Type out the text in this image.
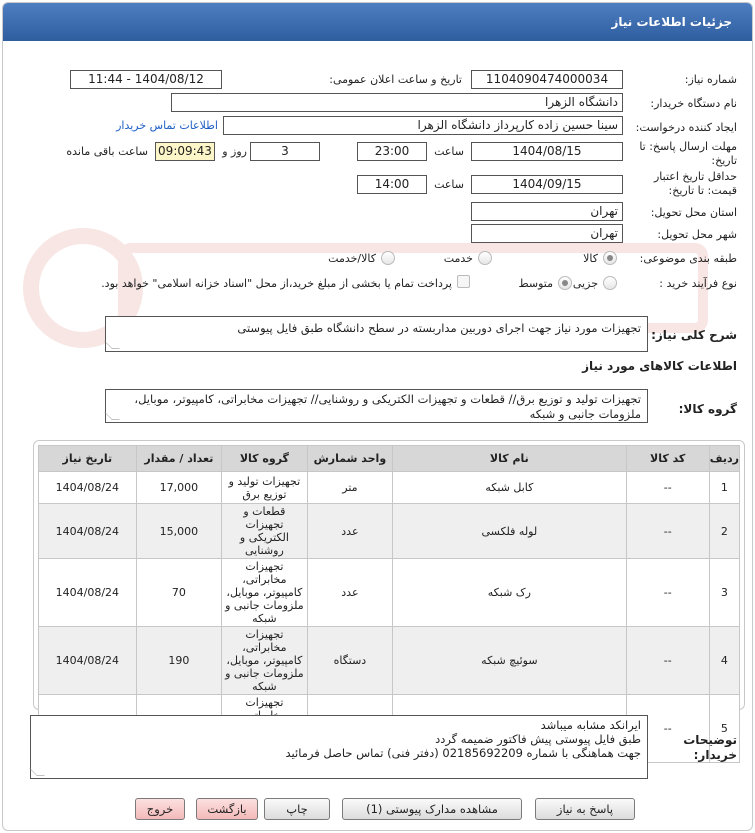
جزئیات اطلاعات نیاز
شماره نیاز:
1104090474000034
تاریخ و ساعت اعلان عمومی:
1404/08/12 - 11:44
نام دستگاه خریدار:
دانشگاه الزهرا
ایجاد کننده درخواست:
سینا حسین زاده کارپرداز دانشگاه الزهرا
اطلاعات تماس خریدار
مهلت ارسال پاسخ: تا
تاریخ:
1404/08/15
ساعت
23:00
3
روز و
09:09:43
ساعت باقی مانده
حداقل تاریخ اعتبار
قیمت: تا تاریخ:
1404/09/15
ساعت
14:00
استان محل تحویل:
تهران
شهر محل تحویل:
تهران
طبقه بندی موضوعی:
کالا
خدمت
کالا/خدمت
نوع فرآیند خرید :
جزیی
متوسط
پرداخت تمام یا بخشی از مبلغ خرید،از محل "اسناد خزانه اسلامی" خواهد بود.
شرح کلی نیاز:
تجهیزات مورد نیاز جهت اجرای دوربین مداربسته در سطح دانشگاه طبق فایل پیوستی
اطلاعات کالاهای مورد نیاز
گروه کالا:
تجهیزات تولید و توزیع برق// قطعات و تجهیزات الکتریکی و روشنایی// تجهیزات مخابراتی، کامپیوتر، موبایل، ملزومات جانبی و شبکه
ردیف	کد کالا	نام کالا	واحد شمارش	گروه کالا	تعداد / مقدار	تاریخ نیاز
1	--	کابل شبکه	متر	تجهیزات تولید و توزیع برق	17,000	1404/08/24
2	--	لوله فلکسی	عدد	قطعات و تجهیزات الکتریکی و روشنایی	15,000	1404/08/24
3	--	رک شبکه	عدد	تجهیزات مخابراتی، کامپیوتر، موبایل، ملزومات جانبی و شبکه	70	1404/08/24
4	--	سوئیچ شبکه	دستگاه	تجهیزات مخابراتی، کامپیوتر، موبایل، ملزومات جانبی و شبکه	190	1404/08/24
5	--			تجهیزات		
توضیحات
خریدار:
ایرانکد مشابه میباشد
طبق فایل پیوستی پیش فاکتور ضمیمه گردد
جهت هماهنگی با شماره 02185692209 (دفتر فنی) تماس حاصل فرمائید
پاسخ به نیاز
مشاهده مدارک پیوستی (1)
چاپ
بازگشت
خروج
